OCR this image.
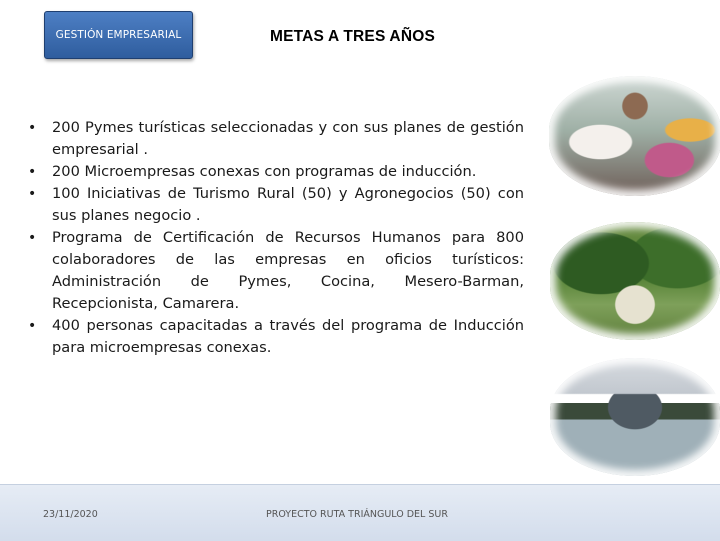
GESTIÓN EMPRESARIAL	METAS A TRES AÑOS
•	200 Pymes turísticas seleccionadas y con sus planes de gestión empresarial .
•	200 Microempresas conexas con programas de inducción.
•	100 Iniciativas de Turismo Rural (50) y Agronegocios (50) con sus planes negocio .
•	Programa de Certificación de Recursos Humanos para 800 colaboradores de las empresas en oficios turísticos: Administración de Pymes, Cocina, Mesero-Barman, Recepcionista, Camarera.
•	400 personas capacitadas a través del programa de Inducción para microempresas conexas.
23/11/2020	PROYECTO RUTA TRIÁNGULO DEL SUR
